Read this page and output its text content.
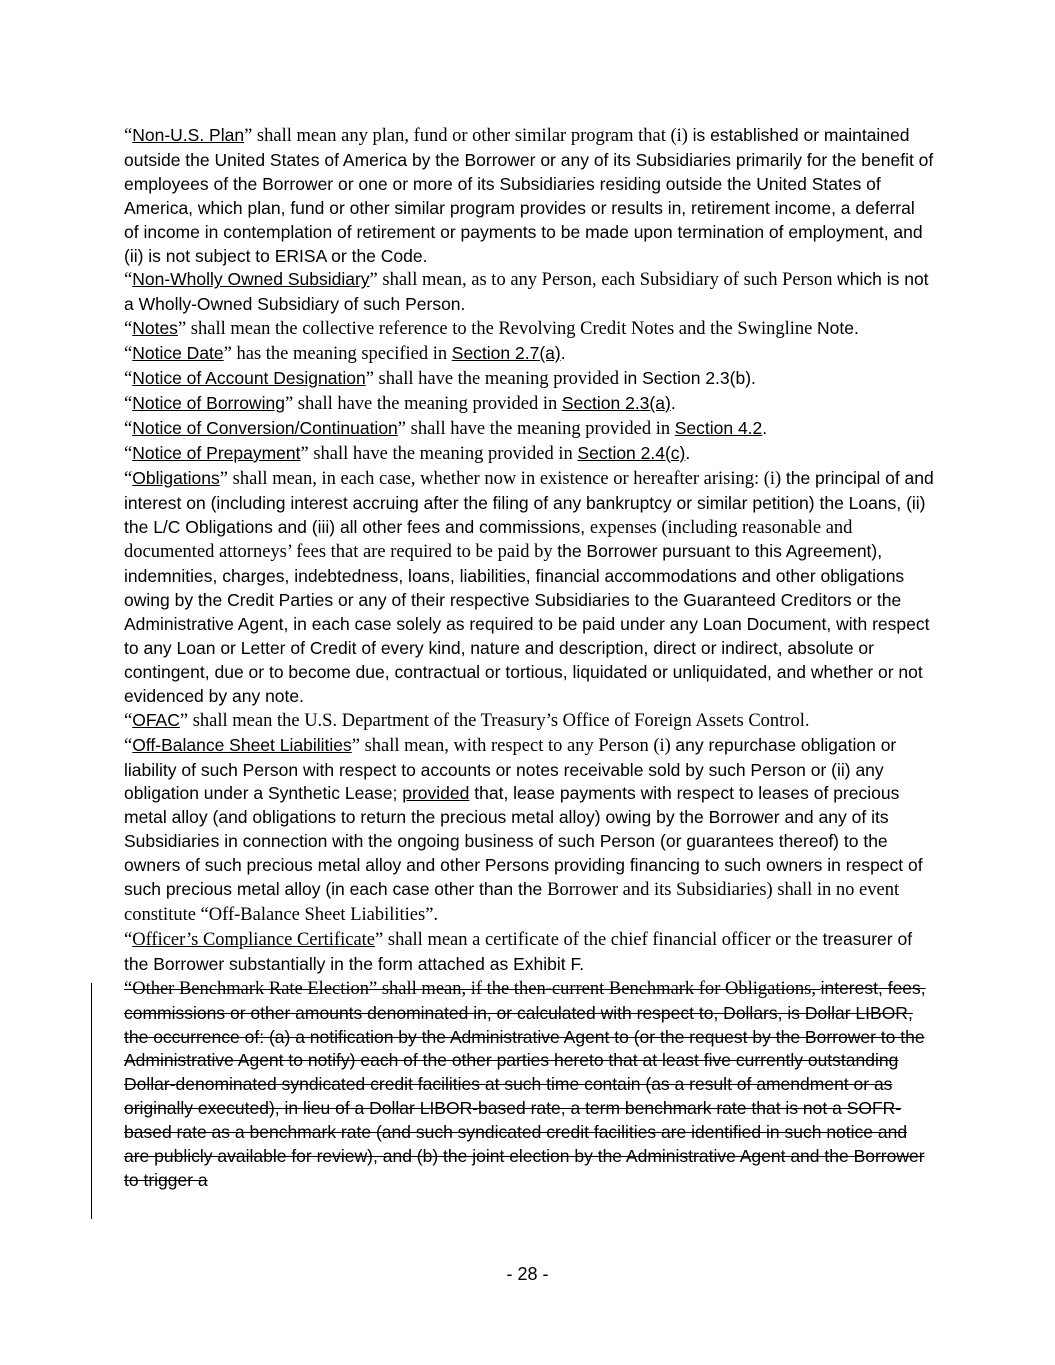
“Non-U.S. Plan” shall mean any plan, fund or other similar program that (i) is established or maintained outside the United States of America by the Borrower or any of its Subsidiaries primarily for the benefit of employees of the Borrower or one or more of its Subsidiaries residing outside the United States of America, which plan, fund or other similar program provides or results in, retirement income, a deferral of income in contemplation of retirement or payments to be made upon termination of employment, and (ii) is not subject to ERISA or the Code.

“Non-Wholly Owned Subsidiary” shall mean, as to any Person, each Subsidiary of such Person which is not a Wholly-Owned Subsidiary of such Person.

“Notes” shall mean the collective reference to the Revolving Credit Notes and the Swingline Note.

“Notice Date” has the meaning specified in Section 2.7(a).

“Notice of Account Designation” shall have the meaning provided in Section 2.3(b).

“Notice of Borrowing” shall have the meaning provided in Section 2.3(a).

“Notice of Conversion/Continuation” shall have the meaning provided in Section 4.2.

“Notice of Prepayment” shall have the meaning provided in Section 2.4(c).

“Obligations” shall mean, in each case, whether now in existence or hereafter arising: (i) the principal of and interest on (including interest accruing after the filing of any bankruptcy or similar petition) the Loans, (ii) the L/C Obligations and (iii) all other fees and commissions, expenses (including reasonable and documented attorneys’ fees that are required to be paid by the Borrower pursuant to this Agreement), indemnities, charges, indebtedness, loans, liabilities, financial accommodations and other obligations owing by the Credit Parties or any of their respective Subsidiaries to the Guaranteed Creditors or the Administrative Agent, in each case solely as required to be paid under any Loan Document, with respect to any Loan or Letter of Credit of every kind, nature and description, direct or indirect, absolute or contingent, due or to become due, contractual or tortious, liquidated or unliquidated, and whether or not evidenced by any note.

“OFAC” shall mean the U.S. Department of the Treasury’s Office of Foreign Assets Control.

“Off-Balance Sheet Liabilities” shall mean, with respect to any Person (i) any repurchase obligation or liability of such Person with respect to accounts or notes receivable sold by such Person or (ii) any obligation under a Synthetic Lease; provided that, lease payments with respect to leases of precious metal alloy (and obligations to return the precious metal alloy) owing by the Borrower and any of its Subsidiaries in connection with the ongoing business of such Person (or guarantees thereof) to the owners of such precious metal alloy and other Persons providing financing to such owners in respect of such precious metal alloy (in each case other than the Borrower and its Subsidiaries) shall in no event constitute “Off-Balance Sheet Liabilities”.

“Officer’s Compliance Certificate” shall mean a certificate of the chief financial officer or the treasurer of the Borrower substantially in the form attached as Exhibit F.

“Other Benchmark Rate Election” shall mean, if the then-current Benchmark for Obligations, interest, fees, commissions or other amounts denominated in, or calculated with respect to, Dollars, is Dollar LIBOR, the occurrence of: (a) a notification by the Administrative Agent to (or the request by the Borrower to the Administrative Agent to notify) each of the other parties hereto that at least five currently outstanding Dollar-denominated syndicated credit facilities at such time contain (as a result of amendment or as originally executed), in lieu of a Dollar LIBOR-based rate, a term benchmark rate that is not a SOFR-based rate as a benchmark rate (and such syndicated credit facilities are identified in such notice and are publicly available for review), and (b) the joint election by the Administrative Agent and the Borrower to trigger a

- 28 -
